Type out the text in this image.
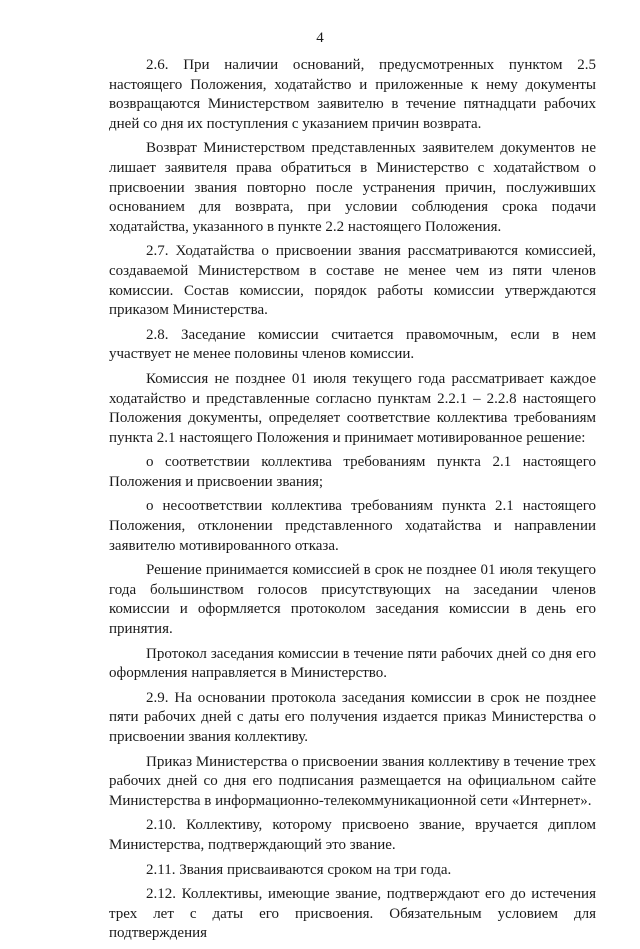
4

2.6. При наличии оснований, предусмотренных пунктом 2.5 настоящего Положения, ходатайство и приложенные к нему документы возвращаются Министерством заявителю в течение пятнадцати рабочих дней со дня их поступления с указанием причин возврата.

Возврат Министерством представленных заявителем документов не лишает заявителя права обратиться в Министерство с ходатайством о присвоении звания повторно после устранения причин, послуживших основанием для возврата, при условии соблюдения срока подачи ходатайства, указанного в пункте 2.2 настоящего Положения.

2.7. Ходатайства о присвоении звания рассматриваются комиссией, создаваемой Министерством в составе не менее чем из пяти членов комиссии. Состав комиссии, порядок работы комиссии утверждаются приказом Министерства.

2.8. Заседание комиссии считается правомочным, если в нем участвует не менее половины членов комиссии.

Комиссия не позднее 01 июля текущего года рассматривает каждое ходатайство и представленные согласно пунктам 2.2.1 – 2.2.8 настоящего Положения документы, определяет соответствие коллектива требованиям пункта 2.1 настоящего Положения и принимает мотивированное решение:

о соответствии коллектива требованиям пункта 2.1 настоящего Положения и присвоении звания;

о несоответствии коллектива требованиям пункта 2.1 настоящего Положения, отклонении представленного ходатайства и направлении заявителю мотивированного отказа.

Решение принимается комиссией в срок не позднее 01 июля текущего года большинством голосов присутствующих на заседании членов комиссии и оформляется протоколом заседания комиссии в день его принятия.

Протокол заседания комиссии в течение пяти рабочих дней со дня его оформления направляется в Министерство.

2.9. На основании протокола заседания комиссии в срок не позднее пяти рабочих дней с даты его получения издается приказ Министерства о присвоении звания коллективу.

Приказ Министерства о присвоении звания коллективу в течение трех рабочих дней со дня его подписания размещается на официальном сайте Министерства в информационно-телекоммуникационной сети «Интернет».

2.10. Коллективу, которому присвоено звание, вручается диплом Министерства, подтверждающий это звание.

2.11. Звания присваиваются сроком на три года.

2.12. Коллективы, имеющие звание, подтверждают его до истечения трех лет с даты его присвоения. Обязательным условием для подтверждения
